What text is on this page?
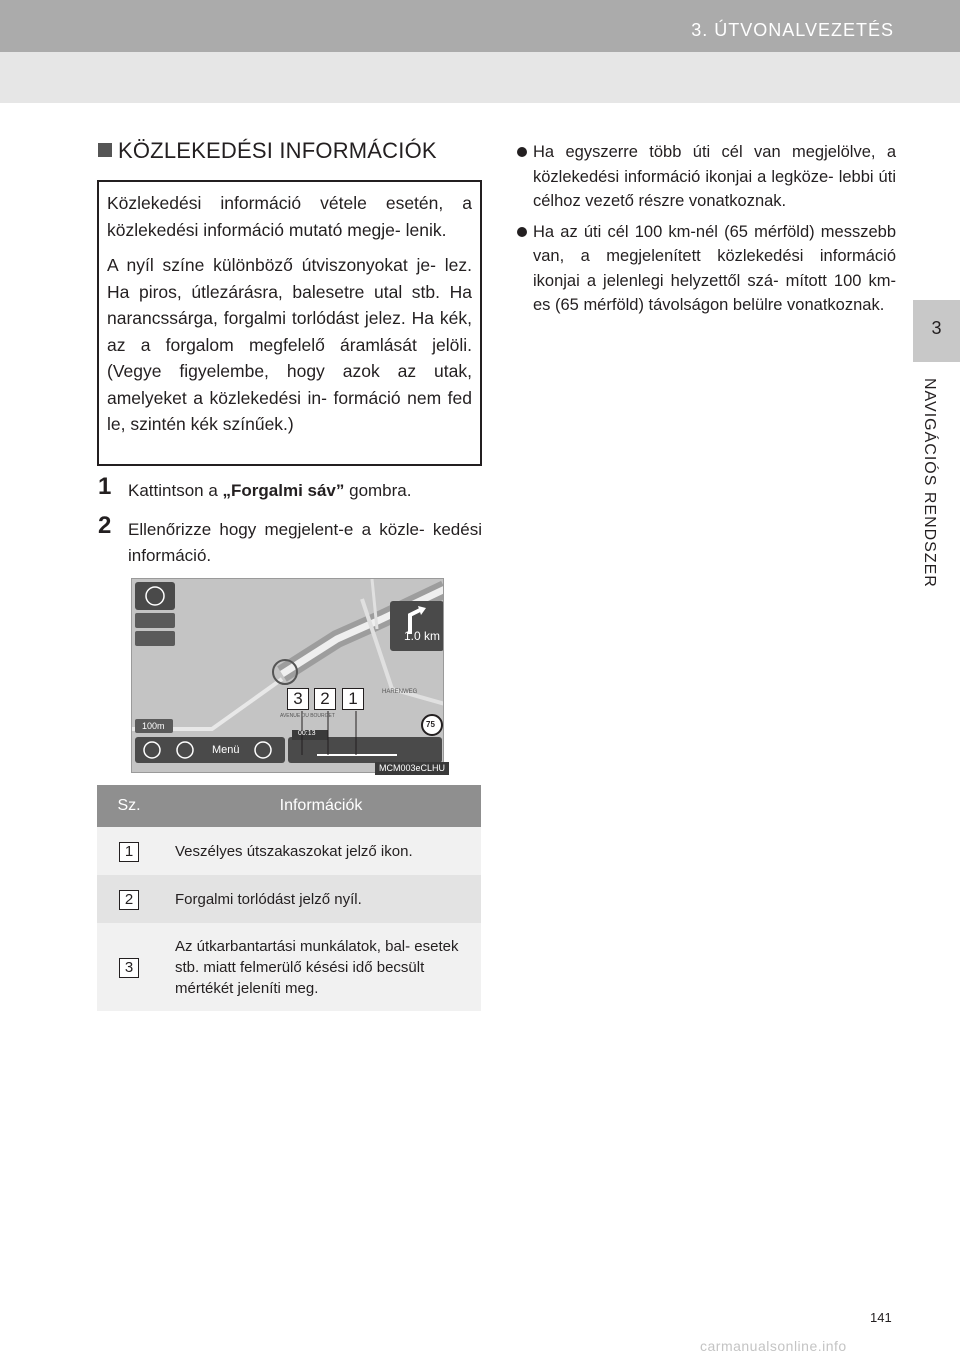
3. ÚTVONALVEZETÉS
3
NAVIGÁCIÓS RENDSZER
KÖZLEKEDÉSI INFORMÁCIÓK

Közlekedési információ vétele esetén, a közlekedési információ mutató megje- lenik.

A nyíl színe különböző útviszonyokat je- lez. Ha piros, útlezárásra, balesetre utal stb. Ha narancssárga, forgalmi torlódást jelez. Ha kék, az a forgalom megfelelő áramlását jelöli. (Vegye figyelembe, hogy azok az utak, amelyeket a közlekedési in- formáció nem fed le, szintén kék színűek.)

1 Kattintson a „Forgalmi sáv” gombra.
2 Ellenőrizze hogy megjelent-e a közle- kedési információ.
1.0 km
HARENWEG
AVENUE DU BOURGET
100m
Menü
75
00:13
3	2	1
MCM003eCLHU
Sz.	Információk
1	Veszélyes útszakaszokat jelző ikon.
2	Forgalmi torlódást jelző nyíl.
3	Az útkarbantartási munkálatok, bal- esetek stb. miatt felmerülő késési idő becsült mértékét jeleníti meg.
Ha egyszerre több úti cél van megjelölve, a közlekedési információ ikonjai a legköze- lebbi úti célhoz vezető részre vonatkoznak.
Ha az úti cél 100 km-nél (65 mérföld) messzebb van, a megjelenített közlekedési információ ikonjai a jelenlegi helyzettől szá- mított 100 km-es (65 mérföld) távolságon belülre vonatkoznak.
141
carmanualsonline.info
